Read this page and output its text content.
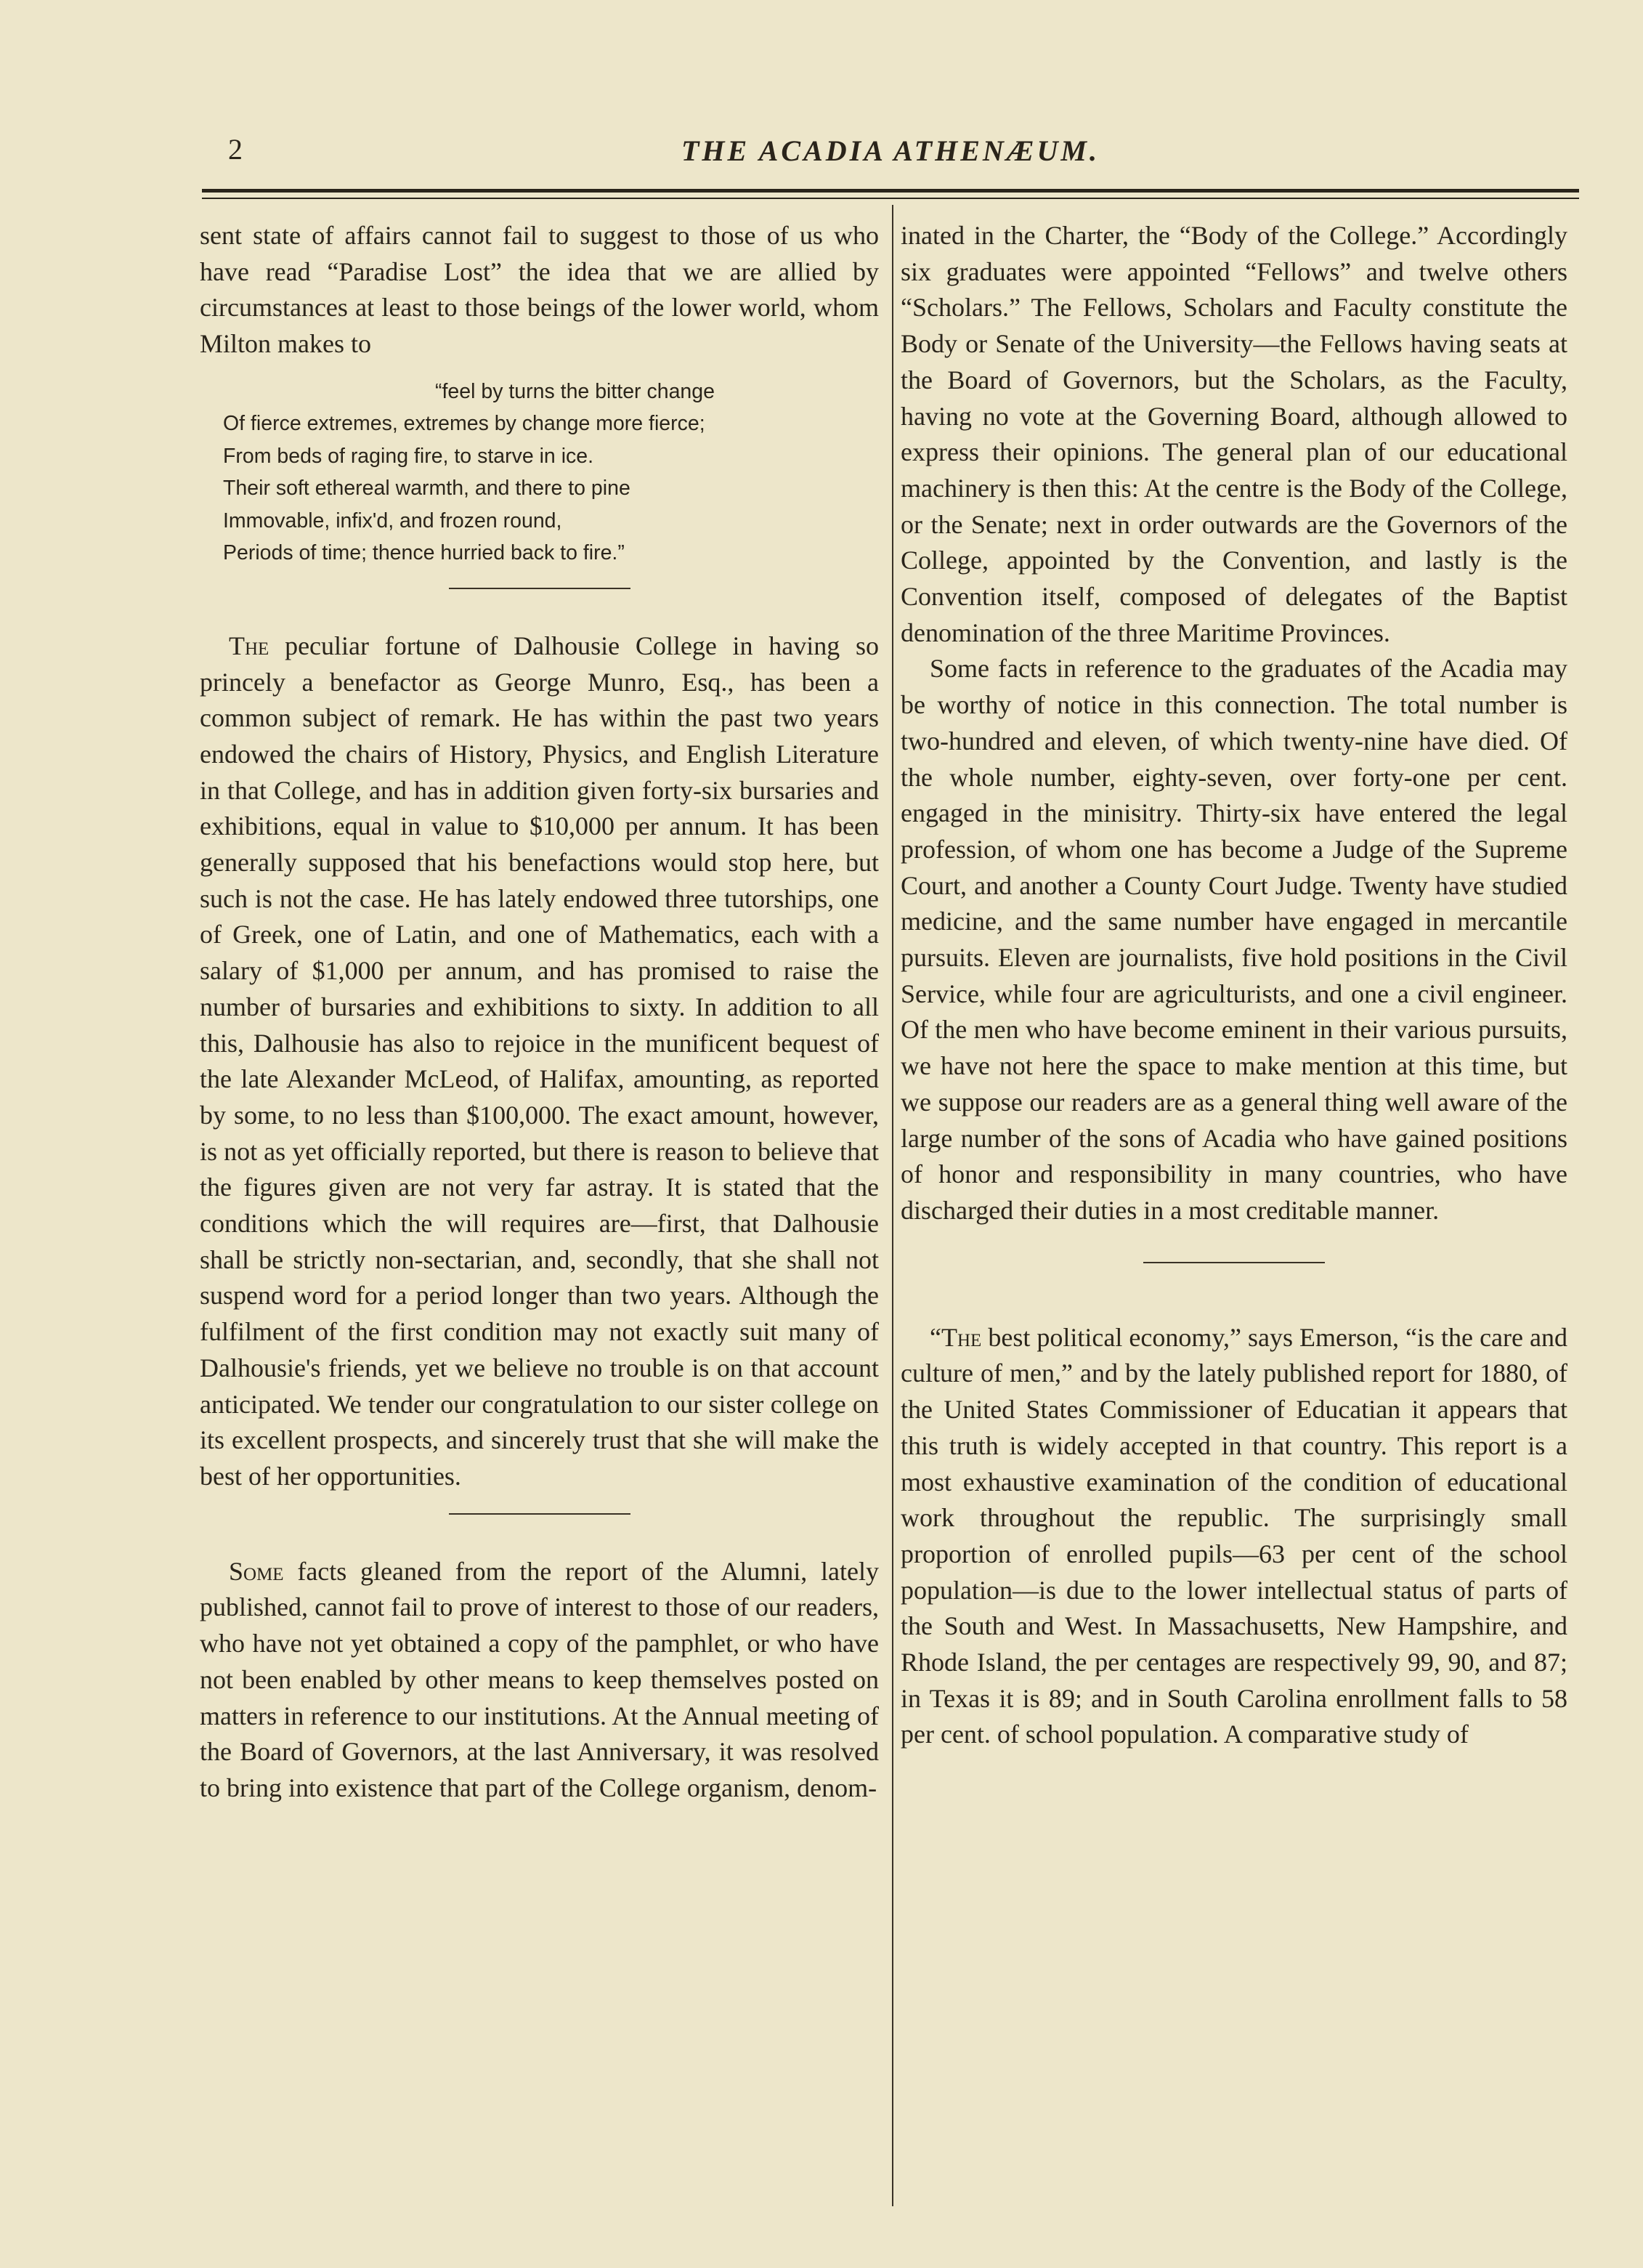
2	THE ACADIA ATHENÆUM.

sent state of affairs cannot fail to suggest to those of us who have read “Paradise Lost” the idea that we are allied by circumstances at least to those beings of the lower world, whom Milton makes to

“feel by turns the bitter change
Of fierce extremes, extremes by change more fierce;
From beds of raging fire, to starve in ice.
Their soft ethereal warmth, and there to pine
Immovable, infix'd, and frozen round,
Periods of time; thence hurried back to fire.”

The peculiar fortune of Dalhousie College in having so princely a benefactor as George Munro, Esq., has been a common subject of remark. He has within the past two years endowed the chairs of History, Physics, and English Literature in that College, and has in addition given forty-six bursaries and exhibitions, equal in value to $10,000 per annum. It has been generally supposed that his benefactions would stop here, but such is not the case. He has lately endowed three tutorships, one of Greek, one of Latin, and one of Mathematics, each with a salary of $1,000 per annum, and has promised to raise the number of bursaries and exhibitions to sixty. In addition to all this, Dalhousie has also to rejoice in the munificent bequest of the late Alexander McLeod, of Halifax, amounting, as reported by some, to no less than $100,000. The exact amount, however, is not as yet officially reported, but there is reason to believe that the figures given are not very far astray. It is stated that the conditions which the will requires are—first, that Dalhousie shall be strictly non-sectarian, and, secondly, that she shall not suspend word for a period longer than two years. Although the fulfilment of the first condition may not exactly suit many of Dalhousie's friends, yet we believe no trouble is on that account anticipated. We tender our congratulation to our sister college on its excellent prospects, and sincerely trust that she will make the best of her opportunities.

Some facts gleaned from the report of the Alumni, lately published, cannot fail to prove of interest to those of our readers, who have not yet obtained a copy of the pamphlet, or who have not been enabled by other means to keep themselves posted on matters in reference to our institutions. At the Annual meeting of the Board of Governors, at the last Anniversary, it was resolved to bring into existence that part of the College organism, denom-

inated in the Charter, the “Body of the College.” Accordingly six graduates were appointed “Fellows” and twelve others “Scholars.” The Fellows, Scholars and Faculty constitute the Body or Senate of the University—the Fellows having seats at the Board of Governors, but the Scholars, as the Faculty, having no vote at the Governing Board, although allowed to express their opinions. The general plan of our educational machinery is then this: At the centre is the Body of the College, or the Senate; next in order outwards are the Governors of the College, appointed by the Convention, and lastly is the Convention itself, composed of delegates of the Baptist denomination of the three Maritime Provinces.

Some facts in reference to the graduates of the Acadia may be worthy of notice in this connection. The total number is two-hundred and eleven, of which twenty-nine have died. Of the whole number, eighty-seven, over forty-one per cent. engaged in the minisitry. Thirty-six have entered the legal profession, of whom one has become a Judge of the Supreme Court, and another a County Court Judge. Twenty have studied medicine, and the same number have engaged in mercantile pursuits. Eleven are journalists, five hold positions in the Civil Service, while four are agriculturists, and one a civil engineer. Of the men who have become eminent in their various pursuits, we have not here the space to make mention at this time, but we suppose our readers are as a general thing well aware of the large number of the sons of Acadia who have gained positions of honor and responsibility in many countries, who have discharged their duties in a most creditable manner.

“The best political economy,” says Emerson, “is the care and culture of men,” and by the lately published report for 1880, of the United States Commissioner of Educatian it appears that this truth is widely accepted in that country. This report is a most exhaustive examination of the condition of educational work throughout the republic. The surprisingly small proportion of enrolled pupils—63 per cent of the school population—is due to the lower intellectual status of parts of the South and West. In Massachusetts, New Hampshire, and Rhode Island, the per centages are respectively 99, 90, and 87; in Texas it is 89; and in South Carolina enrollment falls to 58 per cent. of school population. A comparative study of
